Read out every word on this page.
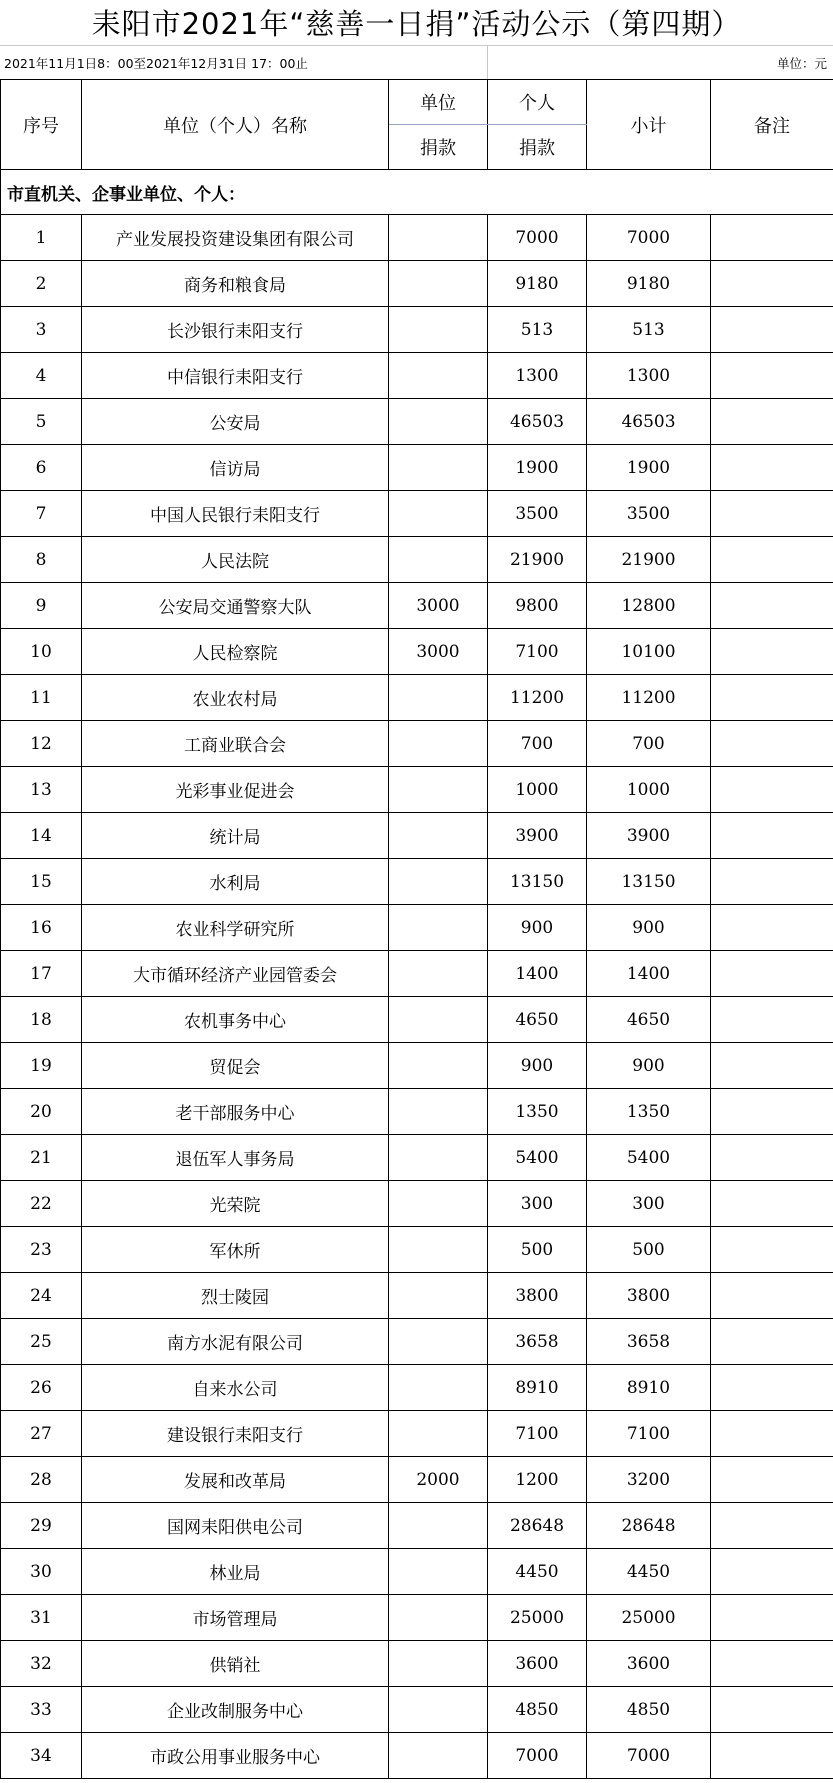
耒阳市2021年“慈善一日捐”活动公示（第四期）
2021年11月1日8：00至2021年12月31日 17：00止	单位：元
序号	单位（个人）名称	单位	个人	小计	备注
		捐款	捐款		
市直机关、企事业单位、个人：					
1	产业发展投资建设集团有限公司		7000	7000	
2	商务和粮食局		9180	9180	
3	长沙银行耒阳支行		513	513	
4	中信银行耒阳支行		1300	1300	
5	公安局		46503	46503	
6	信访局		1900	1900	
7	中国人民银行耒阳支行		3500	3500	
8	人民法院		21900	21900	
9	公安局交通警察大队	3000	9800	12800	
10	人民检察院	3000	7100	10100	
11	农业农村局		11200	11200	
12	工商业联合会		700	700	
13	光彩事业促进会		1000	1000	
14	统计局		3900	3900	
15	水利局		13150	13150	
16	农业科学研究所		900	900	
17	大市循环经济产业园管委会		1400	1400	
18	农机事务中心		4650	4650	
19	贸促会		900	900	
20	老干部服务中心		1350	1350	
21	退伍军人事务局		5400	5400	
22	光荣院		300	300	
23	军休所		500	500	
24	烈士陵园		3800	3800	
25	南方水泥有限公司		3658	3658	
26	自来水公司		8910	8910	
27	建设银行耒阳支行		7100	7100	
28	发展和改革局	2000	1200	3200	
29	国网耒阳供电公司		28648	28648	
30	林业局		4450	4450	
31	市场管理局		25000	25000	
32	供销社		3600	3600	
33	企业改制服务中心		4850	4850	
34	市政公用事业服务中心		7000	7000	
